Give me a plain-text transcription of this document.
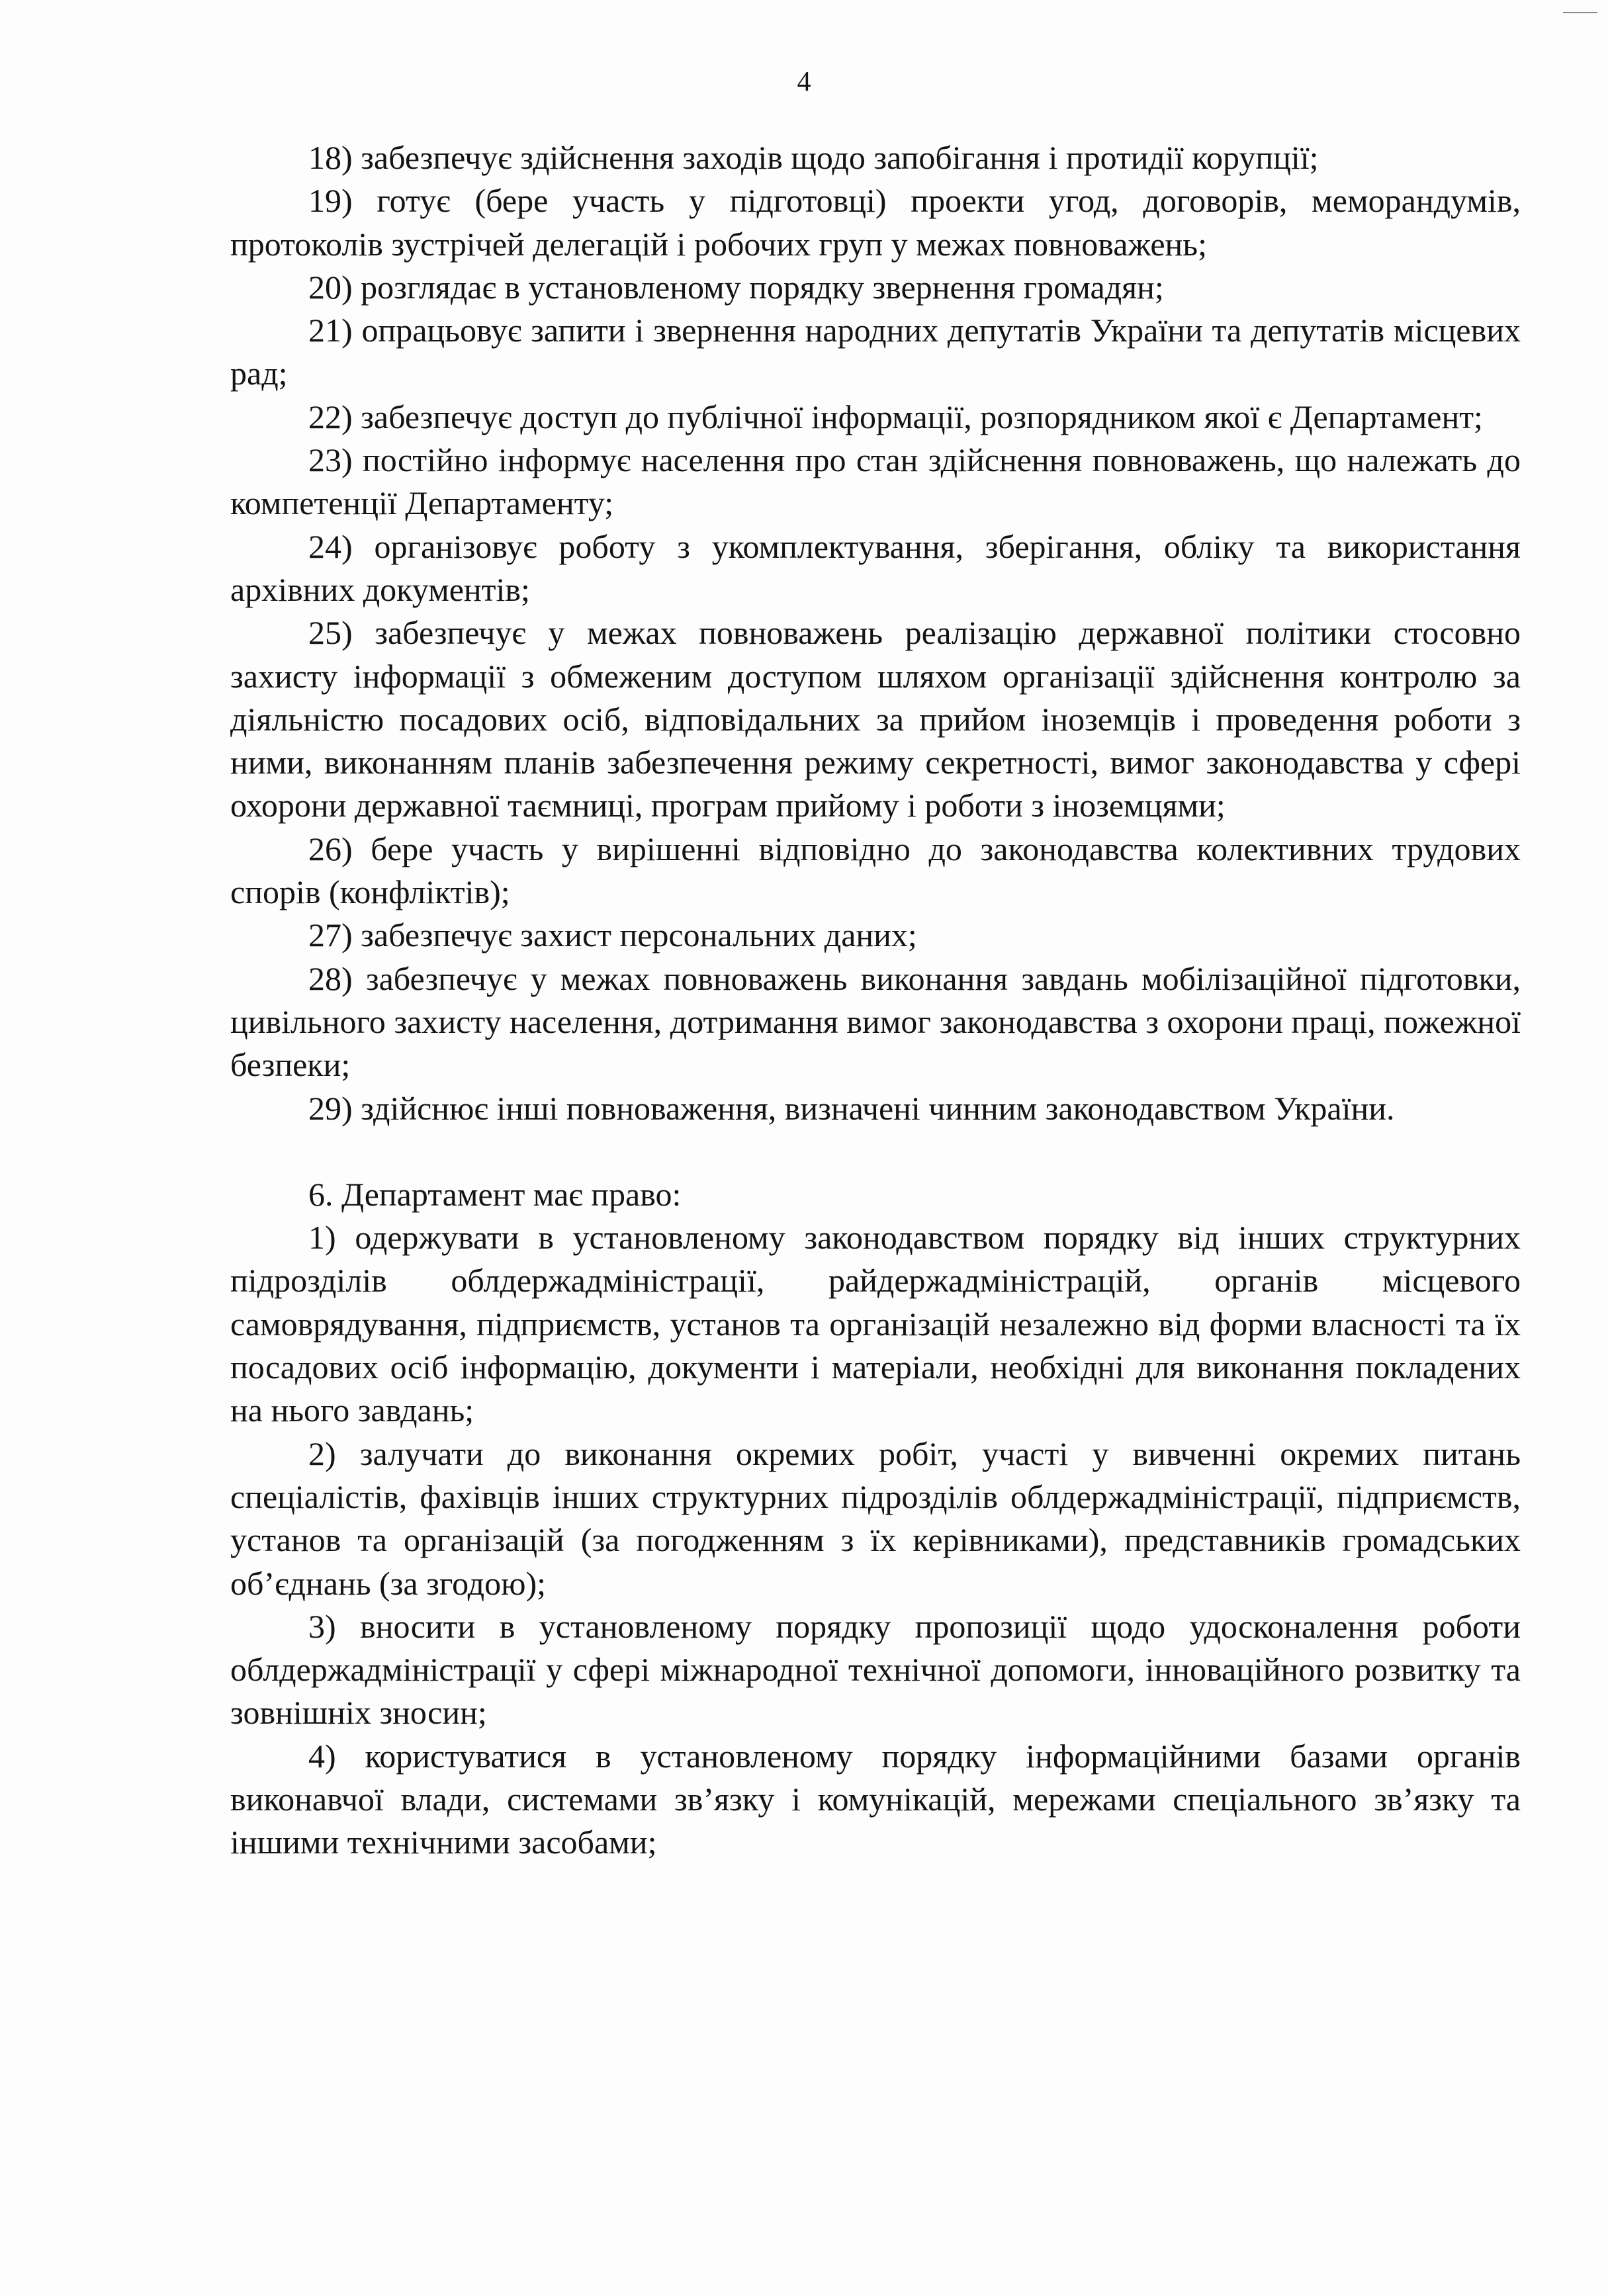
4

18) забезпечує здійснення заходів щодо запобігання і протидії корупції;

19) готує (бере участь у підготовці) проекти угод, договорів, меморандумів, протоколів зустрічей делегацій і робочих груп у межах повноважень;

20) розглядає в установленому порядку звернення громадян;

21) опрацьовує запити і звернення народних депутатів України та депутатів місцевих рад;

22) забезпечує доступ до публічної інформації, розпорядником якої є Департамент;

23) постійно інформує населення про стан здійснення повноважень, що належать до компетенції Департаменту;

24) організовує роботу з укомплектування, зберігання, обліку та використання архівних документів;

25) забезпечує у межах повноважень реалізацію державної політики стосовно захисту інформації з обмеженим доступом шляхом організації здійснення контролю за діяльністю посадових осіб, відповідальних за прийом іноземців і проведення роботи з ними, виконанням планів забезпечення режиму секретності, вимог законодавства у сфері охорони державної таємниці, програм прийому і роботи з іноземцями;

26) бере участь у вирішенні відповідно до законодавства колективних трудових спорів (конфліктів);

27) забезпечує захист персональних даних;

28) забезпечує у межах повноважень виконання завдань мобілізаційної підготовки, цивільного захисту населення, дотримання вимог законодавства з охорони праці, пожежної безпеки;

29) здійснює інші повноваження, визначені чинним законодавством України.

6. Департамент має право:

1) одержувати в установленому законодавством порядку від інших структурних підрозділів облдержадміністрації, райдержадміністрацій, органів місцевого самоврядування, підприємств, установ та організацій незалежно від форми власності та їх посадових осіб інформацію, документи і матеріали, необхідні для виконання покладених на нього завдань;

2) залучати до виконання окремих робіт, участі у вивченні окремих питань спеціалістів, фахівців інших структурних підрозділів облдержадміністрації, підприємств, установ та організацій (за погодженням з їх керівниками), представників громадських об’єднань (за згодою);

3) вносити в установленому порядку пропозиції щодо удосконалення роботи облдержадміністрації у сфері міжнародної технічної допомоги, інноваційного розвитку та зовнішніх зносин;

4) користуватися в установленому порядку інформаційними базами органів виконавчої влади, системами зв’язку і комунікацій, мережами спеціального зв’язку та іншими технічними засобами;
